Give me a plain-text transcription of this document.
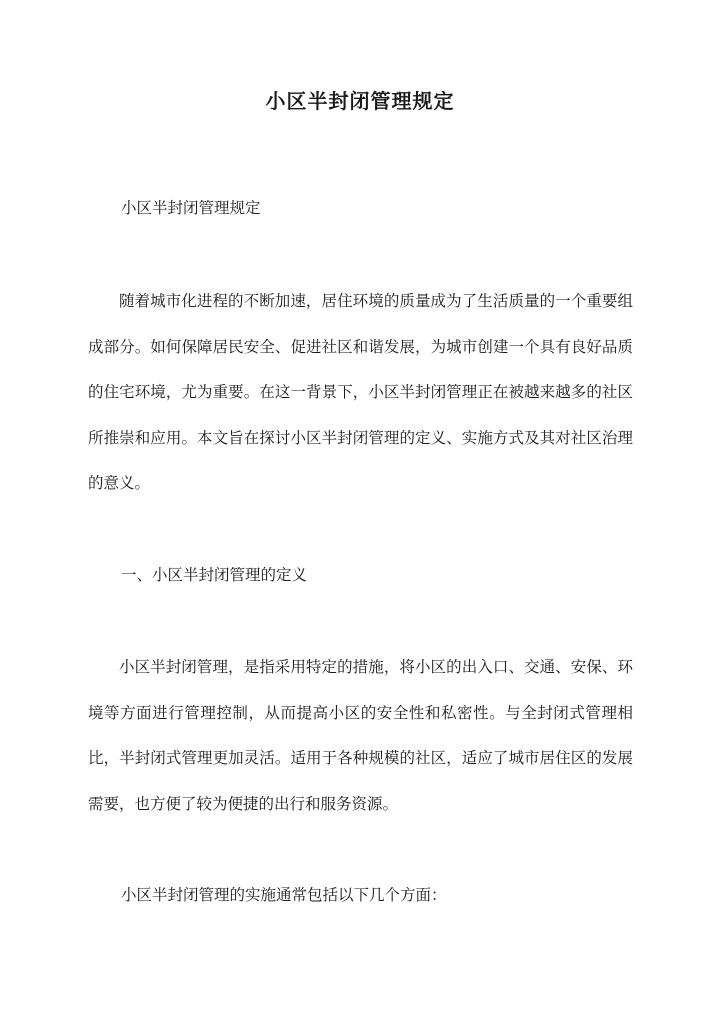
小区半封闭管理规定
小区半封闭管理规定

随着城市化进程的不断加速，居住环境的质量成为了生活质量的一个重要组成部分。如何保障居民安全、促进社区和谐发展，为城市创建一个具有良好品质的住宅环境，尤为重要。在这一背景下，小区半封闭管理正在被越来越多的社区所推崇和应用。本文旨在探讨小区半封闭管理的定义、实施方式及其对社区治理的意义。

一、小区半封闭管理的定义

小区半封闭管理，是指采用特定的措施，将小区的出入口、交通、安保、环境等方面进行管理控制，从而提高小区的安全性和私密性。与全封闭式管理相比，半封闭式管理更加灵活。适用于各种规模的社区，适应了城市居住区的发展需要，也方便了较为便捷的出行和服务资源。

小区半封闭管理的实施通常包括以下几个方面：
